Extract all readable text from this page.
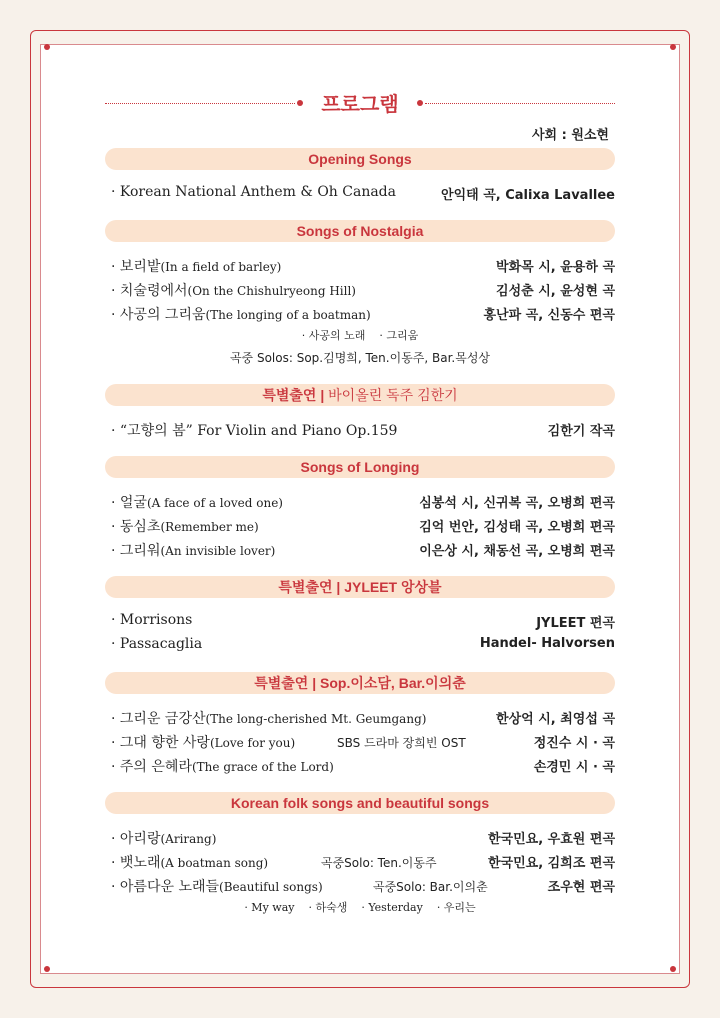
프로그램
사회 : 원소현
Opening Songs
· Korean National Anthem & Oh Canada	안익태 곡, Calixa Lavallee
Songs of Nostalgia
· 보리밭(In a field of barley)	박화목 시, 윤용하 곡
· 치술령에서(On the Chishulryeong Hill)	김성춘 시, 윤성현 곡
· 사공의 그리움(The longing of a boatman)	홍난파 곡, 신동수 편곡
· 사공의 노래 · 그리움
곡중 Solos: Sop.김명희, Ten.이동주, Bar.목성상
특별출연 | 바이올린 독주 김한기
· “고향의 봄” For Violin and Piano Op.159	김한기 작곡
Songs of Longing
· 얼굴(A face of a loved one)	심봉석 시, 신귀복 곡, 오병희 편곡
· 동심초(Remember me)	김억 번안, 김성태 곡, 오병희 편곡
· 그리워(An invisible lover)	이은상 시, 채동선 곡, 오병희 편곡
특별출연 | JYLEET 앙상블
· Morrisons	JYLEET 편곡
· Passacaglia	Handel- Halvorsen
특별출연 | Sop.이소담, Bar.이의춘
· 그리운 금강산(The long-cherished Mt. Geumgang)	한상억 시, 최영섭 곡
· 그대 향한 사랑(Love for you)	SBS 드라마 장희빈 OST	정진수 시 · 곡
· 주의 은혜라(The grace of the Lord)	손경민 시 · 곡
Korean folk songs and beautiful songs
· 아리랑(Arirang)	한국민요, 우효원 편곡
· 뱃노래(A boatman song)	곡중Solo: Ten.이동주	한국민요, 김희조 편곡
· 아름다운 노래들(Beautiful songs)	곡중Solo: Bar.이의춘	조우현 편곡
· My way · 하숙생 · Yesterday · 우리는
